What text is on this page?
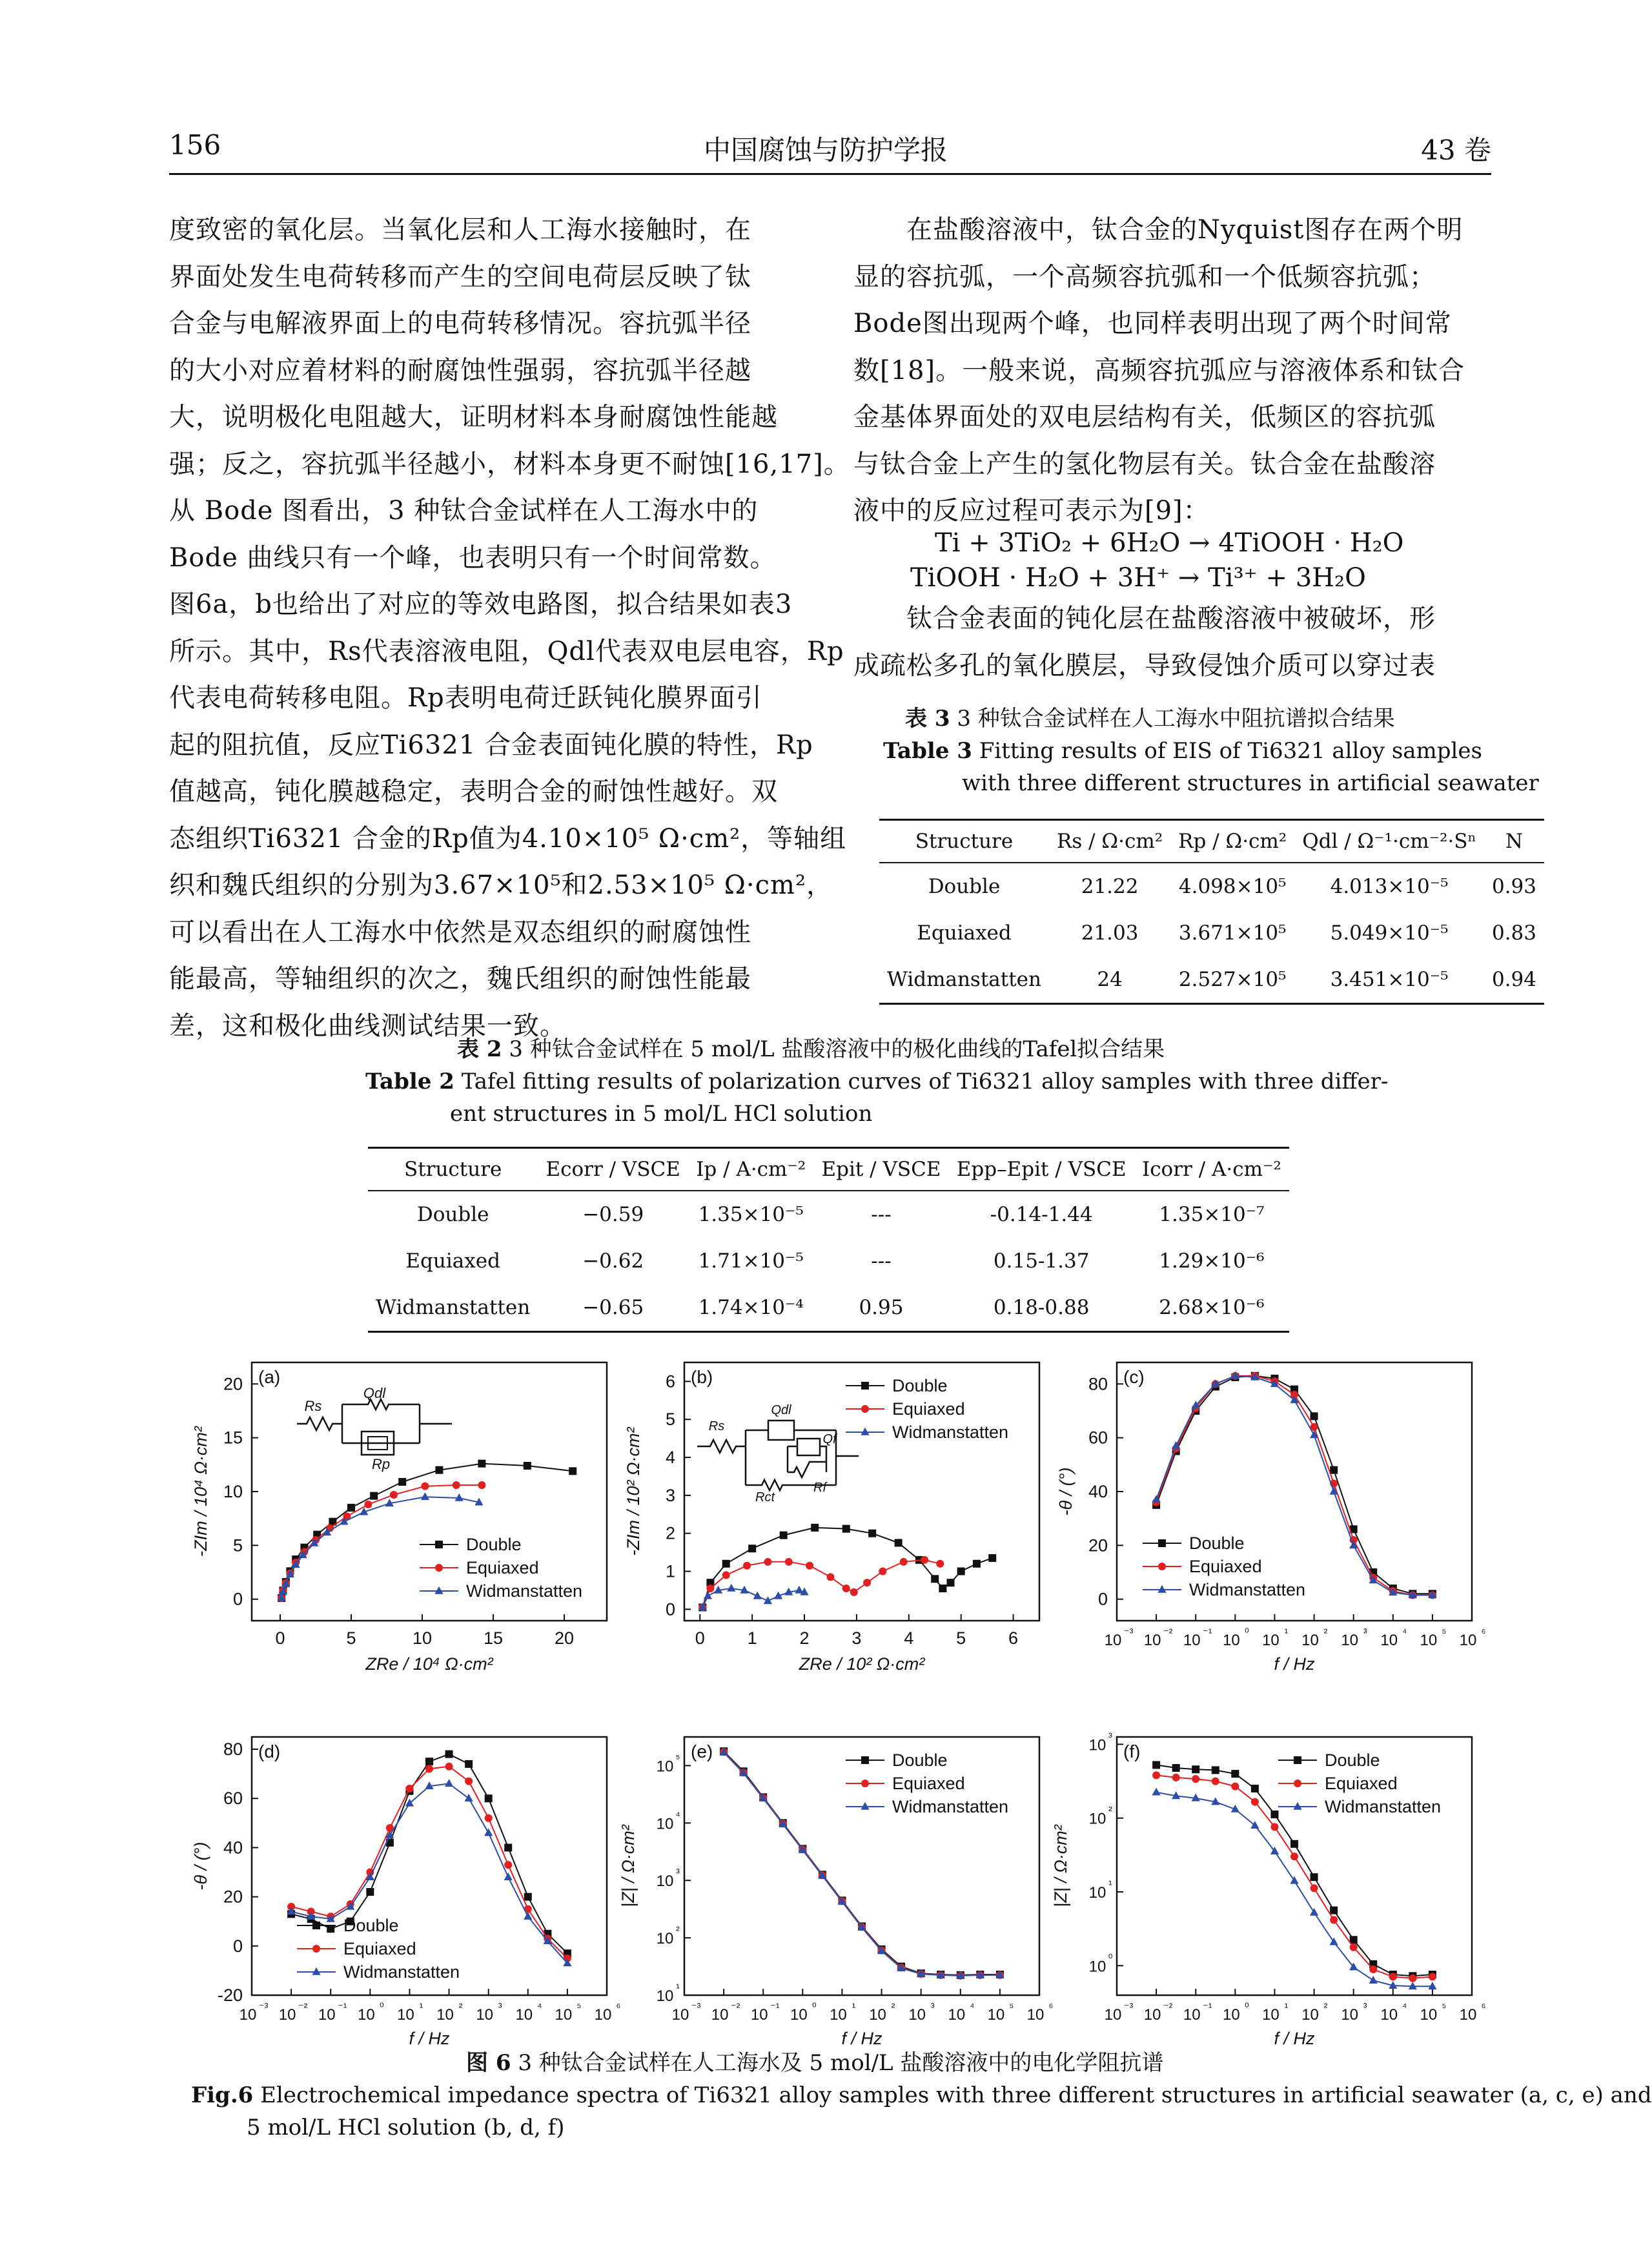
156	中国腐蚀与防护学报	43 卷

度致密的氧化层。当氧化层和人工海水接触时，在

界面处发生电荷转移而产生的空间电荷层反映了钛

合金与电解液界面上的电荷转移情况。容抗弧半径

的大小对应着材料的耐腐蚀性强弱，容抗弧半径越

大，说明极化电阻越大，证明材料本身耐腐蚀性能越

强；反之，容抗弧半径越小，材料本身更不耐蚀[16,17]。

从 Bode 图看出，3 种钛合金试样在人工海水中的

Bode 曲线只有一个峰，也表明只有一个时间常数。

图6a，b也给出了对应的等效电路图，拟合结果如表3

所示。其中，Rs代表溶液电阻，Qdl代表双电层电容，Rp

代表电荷转移电阻。Rp表明电荷迁跃钝化膜界面引

起的阻抗值，反应Ti6321 合金表面钝化膜的特性，Rp

值越高，钝化膜越稳定，表明合金的耐蚀性越好。双

态组织Ti6321 合金的Rp值为4.10×10⁵ Ω·cm²，等轴组

织和魏氏组织的分别为3.67×10⁵和2.53×10⁵ Ω·cm²，

可以看出在人工海水中依然是双态组织的耐腐蚀性

能最高，等轴组织的次之，魏氏组织的耐蚀性能最

差，这和极化曲线测试结果一致。

　　在盐酸溶液中，钛合金的Nyquist图存在两个明

显的容抗弧，一个高频容抗弧和一个低频容抗弧；

Bode图出现两个峰，也同样表明出现了两个时间常

数[18]。一般来说，高频容抗弧应与溶液体系和钛合

金基体界面处的双电层结构有关，低频区的容抗弧

与钛合金上产生的氢化物层有关。钛合金在盐酸溶

液中的反应过程可表示为[9]：

Ti + 3TiO₂ + 6H₂O → 4TiOOH · H₂O
TiOOH · H₂O + 3H⁺ → Ti³⁺ + 3H₂O

　　钛合金表面的钝化层在盐酸溶液中被破坏，形

成疏松多孔的氧化膜层，导致侵蚀介质可以穿过表

表 3 3 种钛合金试样在人工海水中阻抗谱拟合结果
Table 3 Fitting results of EIS of Ti6321 alloy samples
with three different structures in artificial seawater
Structure	Rs / Ω·cm²	Rp / Ω·cm²	Qdl / Ω⁻¹·cm⁻²·Sⁿ	N
Double	21.22	4.098×10⁵	4.013×10⁻⁵	0.93
Equiaxed	21.03	3.671×10⁵	5.049×10⁻⁵	0.83
Widmanstatten	24	2.527×10⁵	3.451×10⁻⁵	0.94
表 2 3 种钛合金试样在 5 mol/L 盐酸溶液中的极化曲线的Tafel拟合结果
Table 2 Tafel fitting results of polarization curves of Ti6321 alloy samples with three differ-
ent structures in 5 mol/L HCl solution
Structure	Ecorr / VSCE	Ip / A·cm⁻²	Epit / VSCE	Epp–Epit / VSCE	Icorr / A·cm⁻²
Double	−0.59	1.35×10⁻⁵	---	-0.14-1.44	1.35×10⁻⁷
Equiaxed	−0.62	1.71×10⁻⁵	---	0.15-1.37	1.29×10⁻⁶
Widmanstatten	−0.65	1.74×10⁻⁴	0.95	0.18-0.88	2.68×10⁻⁶
(a)
0	5	10	15	20
0
5
10
15
20
ZRe / 10⁴ Ω·cm²
-ZIm / 10⁴ Ω·cm²	Double
Equiaxed
Widmanstatten
Rs
Qdl
Rp
(b)
0 1 2 3 4 5 6
0
1
2
3
4
5
6
ZRe / 10² Ω·cm²
-ZIm / 10² Ω·cm²
Double
Equiaxed
Widmanstatten
Rs
Qdl
Qf
Rct
Rf
(c)
10 ⁻³ 10 ⁻² 10 ⁻¹ 10 ⁰ 10 ¹ 10 ² 10 ³ 10 ⁴ 10 ⁵ 10 ⁶
0
20
40
60
80
f / Hz
-θ / (°)
Double
Equiaxed
Widmanstatten
(d)
10 ⁻³ 10 ⁻² 10 ⁻¹ 10 ⁰ 10 ¹ 10 ² 10 ³ 10 ⁴ 10 ⁵ 10 ⁶
-20
0
20
40
60
80
f / Hz
-θ / (°)
Double
Equiaxed
Widmanstatten
(e)
10 ⁻³ 10 ⁻² 10 ⁻¹ 10 ⁰ 10 ¹ 10 ² 10 ³ 10 ⁴ 10 ⁵ 10 ⁶
10 ¹
10 ²
10 ³
10 ⁴
10 ⁵
f / Hz
|Z| / Ω·cm²
Double
Equiaxed
Widmanstatten
(f)
10 ⁻³ 10 ⁻² 10 ⁻¹ 10 ⁰ 10 ¹ 10 ² 10 ³ 10 ⁴ 10 ⁵ 10 ⁶
10 ⁰
10 ¹
10 ²
10 ³
f / Hz
|Z| / Ω·cm²
Double
Equiaxed
Widmanstatten
图 6 3 种钛合金试样在人工海水及 5 mol/L 盐酸溶液中的电化学阻抗谱
Fig.6 Electrochemical impedance spectra of Ti6321 alloy samples with three different structures in artificial seawater (a, c, e) and
5 mol/L HCl solution (b, d, f)
